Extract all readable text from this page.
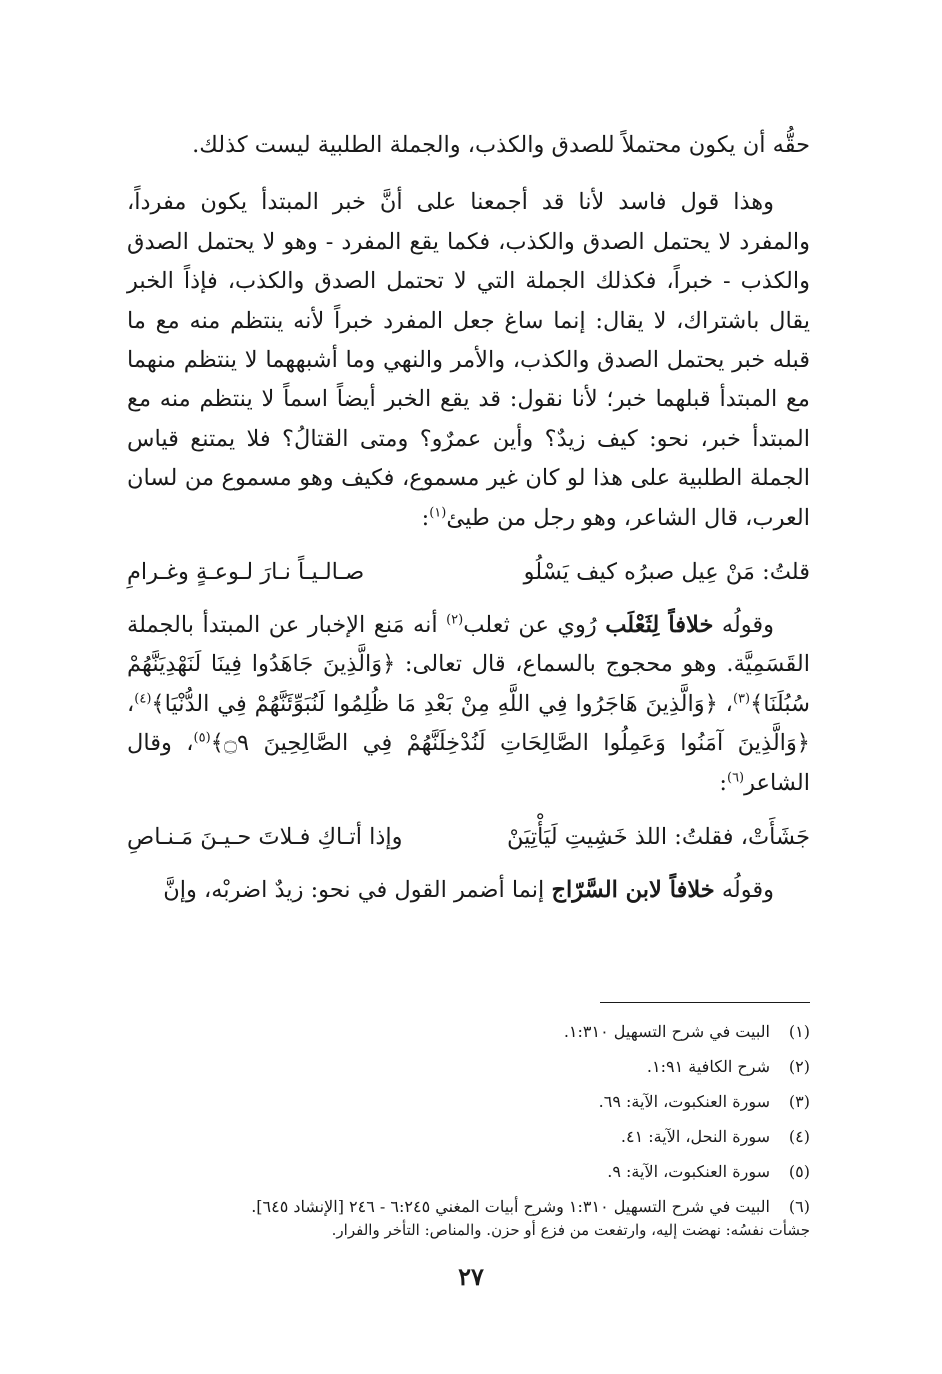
حقُّه أن يكون محتملاً للصدق والكذب، والجملة الطلبية ليست كذلك.

وهذا قول فاسد لأنا قد أجمعنا على أنَّ خبر المبتدأ يكون مفرداً، والمفرد لا يحتمل الصدق والكذب، فكما يقع المفرد - وهو لا يحتمل الصدق والكذب - خبراً، فكذلك الجملة التي لا تحتمل الصدق والكذب، فإذاً الخبر يقال باشتراك، لا يقال: إنما ساغ جعل المفرد خبراً لأنه ينتظم منه مع ما قبله خبر يحتمل الصدق والكذب، والأمر والنهي وما أشبههما لا ينتظم منهما مع المبتدأ قبلهما خبر؛ لأنا نقول: قد يقع الخبر أيضاً اسماً لا ينتظم منه مع المبتدأ خبر، نحو: كيف زيدٌ؟ وأين عمرٌو؟ ومتى القتالُ؟ فلا يمتنع قياس الجملة الطلبية على هذا لو كان غير مسموع، فكيف وهو مسموع من لسان العرب، قال الشاعر، وهو رجل من طيئ$^{(١)}$:

قلتُ: مَنْ عِيل صبرُه كيف يَسْلُو
صـالـيـاً نـارَ لـوعـةٍ وغـرامِ

وقولُه خلافاً لِثَعْلَب رُوي عن ثعلب$^{(٢)}$ أنه مَنع الإخبار عن المبتدأ بالجملة القَسَمِيَّة. وهو محجوج بالسماع، قال تعالى: ﴿وَالَّذِينَ جَاهَدُوا فِينَا لَنَهْدِيَنَّهُمْ سُبُلَنَا﴾$^{(٣)}$، ﴿وَالَّذِينَ هَاجَرُوا فِي اللَّهِ مِنْ بَعْدِ مَا ظُلِمُوا لَنُبَوِّئَنَّهُمْ فِي الدُّنْيَا﴾$^{(٤)}$، ﴿وَالَّذِينَ آمَنُوا وَعَمِلُوا الصَّالِحَاتِ لَنُدْخِلَنَّهُمْ فِي الصَّالِحِينَ ۝٩﴾$^{(٥)}$، وقال الشاعر$^{(٦)}$:

جَشَأَتْ، فقلتُ: اللذ خَشِيتِ لَيَأْتِيَنْ
وإذا أتـاكِ فـلاتَ حـيـنَ مَـنـاصِ

وقولُه خلافاً لابن السَّرّاج إنما أضمر القول في نحو: زيدٌ اضربْه، وإنَّ

(١)
البيت في شرح التسهيل ١:٣١٠.
(٢)
شرح الكافية ١:٩١.
(٣)
سورة العنكبوت، الآية: ٦٩.
(٤)
سورة النحل، الآية: ٤١.
(٥)
سورة العنكبوت، الآية: ٩.
(٦)
البيت في شرح التسهيل ١:٣١٠ وشرح أبيات المغني ٦:٢٤٥ - ٢٤٦ [الإنشاد ٦٤٥].
جشأت نفسُه: نهضت إليه، وارتفعت من فزع أو حزن. والمناص: التأخر والفرار.
٢٧
